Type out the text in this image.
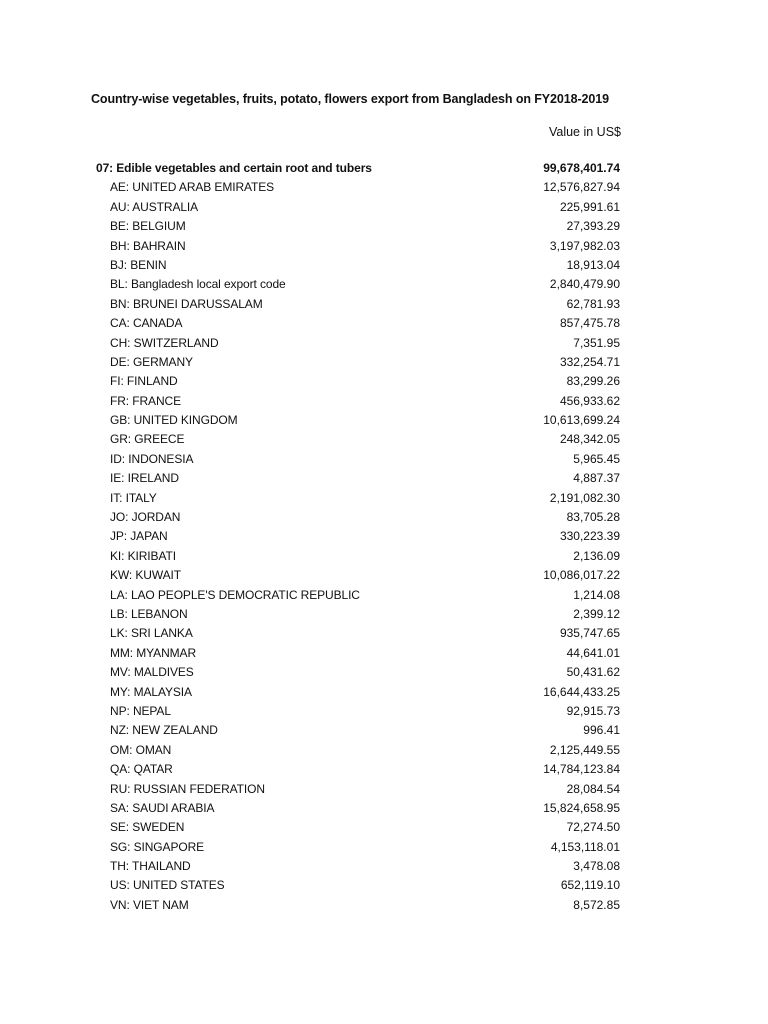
Country-wise vegetables, fruits, potato, flowers export from Bangladesh on FY2018-2019
Value in US$
07: Edible vegetables and certain root and tubers	99,678,401.74
AE: UNITED ARAB EMIRATES	12,576,827.94
AU: AUSTRALIA	225,991.61
BE: BELGIUM	27,393.29
BH: BAHRAIN	3,197,982.03
BJ: BENIN	18,913.04
BL: Bangladesh local export code	2,840,479.90
BN: BRUNEI DARUSSALAM	62,781.93
CA: CANADA	857,475.78
CH: SWITZERLAND	7,351.95
DE: GERMANY	332,254.71
FI: FINLAND	83,299.26
FR: FRANCE	456,933.62
GB: UNITED KINGDOM	10,613,699.24
GR: GREECE	248,342.05
ID: INDONESIA	5,965.45
IE: IRELAND	4,887.37
IT: ITALY	2,191,082.30
JO: JORDAN	83,705.28
JP: JAPAN	330,223.39
KI: KIRIBATI	2,136.09
KW: KUWAIT	10,086,017.22
LA: LAO PEOPLE'S DEMOCRATIC REPUBLIC	1,214.08
LB: LEBANON	2,399.12
LK: SRI LANKA	935,747.65
MM: MYANMAR	44,641.01
MV: MALDIVES	50,431.62
MY: MALAYSIA	16,644,433.25
NP: NEPAL	92,915.73
NZ: NEW ZEALAND	996.41
OM: OMAN	2,125,449.55
QA: QATAR	14,784,123.84
RU: RUSSIAN FEDERATION	28,084.54
SA: SAUDI ARABIA	15,824,658.95
SE: SWEDEN	72,274.50
SG: SINGAPORE	4,153,118.01
TH: THAILAND	3,478.08
US: UNITED STATES	652,119.10
VN: VIET NAM	8,572.85
